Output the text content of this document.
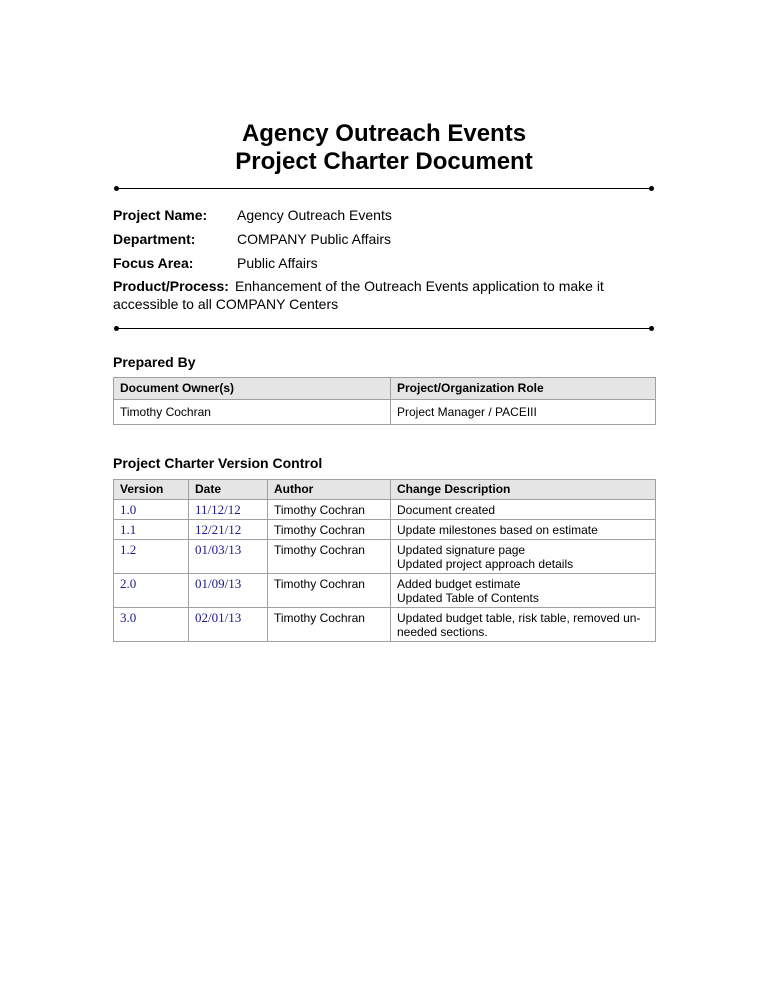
Agency Outreach Events
Project Charter Document
Project Name: Agency Outreach Events
Department:	COMPANY Public Affairs
Focus Area:	Public Affairs
Product/Process: Enhancement of the Outreach Events application to make it accessible to all COMPANY Centers
Prepared By
Document Owner(s)	Project/Organization Role
Timothy Cochran	Project Manager / PACEIII
Project Charter Version Control
Version	Date	Author	Change Description
1.0	11/12/12	Timothy Cochran	Document created

1.1	12/21/12	Timothy Cochran	Update milestones based on estimate

1.2	01/03/13	Timothy Cochran	Updated signature page
Updated project approach details

2.0	01/09/13	Timothy Cochran	Added budget estimate
Updated Table of Contents

3.0	02/01/13	Timothy Cochran	Updated budget table, risk table, removed un-
needed sections.
